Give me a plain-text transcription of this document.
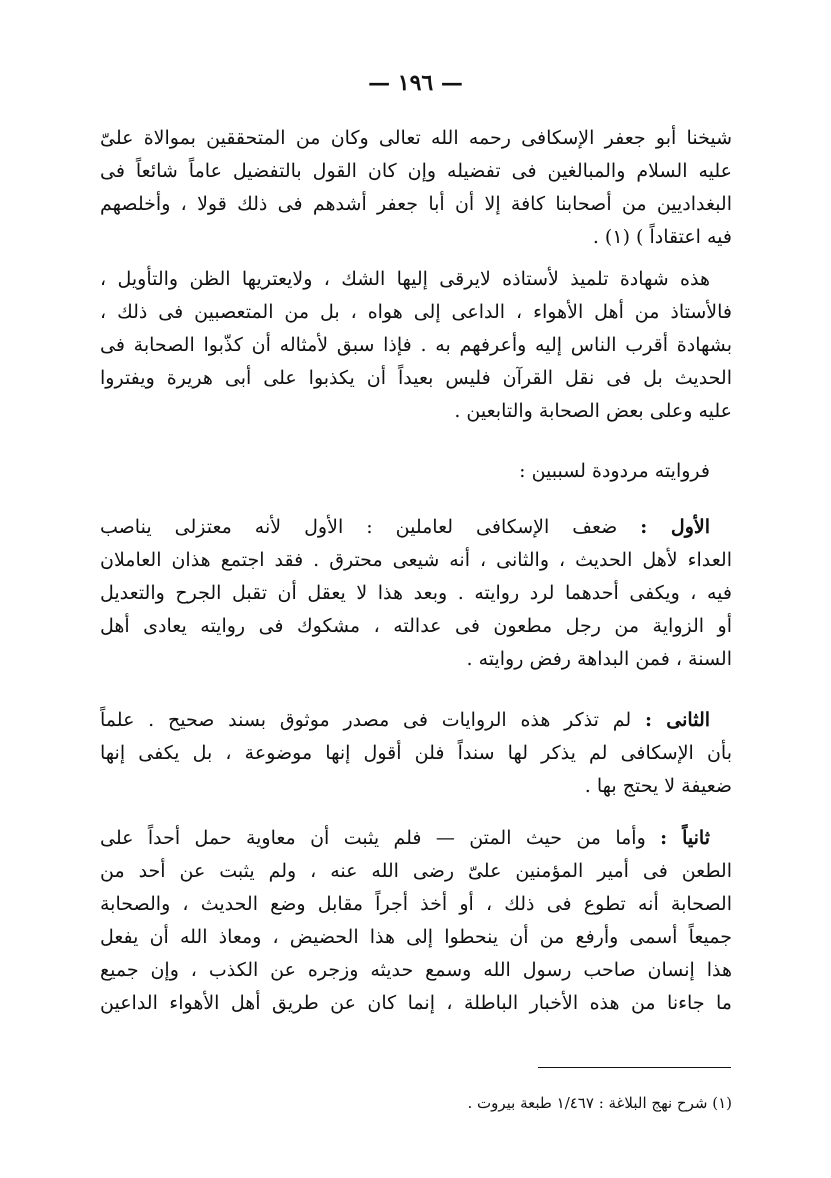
— ١٩٦ —
شيخنا أبو جعفر الإسكافى رحمه الله تعالى وكان من المتحققين بموالاة علىّ
عليه السلام والمبالغين فى تفضيله وإن كان القول بالتفضيل عاماً شائعاً فى
البغداديين من أصحابنا كافة إلا أن أبا جعفر أشدهم فى ذلك قولا ، وأخلصهم
فيه اعتقاداً ) (١) .
هذه شهادة تلميذ لأستاذه لايرقى إليها الشك ، ولايعتريها الظن والتأويل ،
فالأستاذ من أهل الأهواء ، الداعى إلى هواه ، بل من المتعصبين فى ذلك ،
بشهادة أقرب الناس إليه وأعرفهم به . فإذا سبق لأمثاله أن كذّبوا الصحابة فى
الحديث بل فى نقل القرآن فليس بعيداً أن يكذبوا على أبى هريرة ويفتروا
عليه وعلى بعض الصحابة والتابعين .
فروايته مردودة لسببين :
الأول : ضعف الإسكافى لعاملين : الأول لأنه معتزلى يناصب
العداء لأهل الحديث ، والثانى ، أنه شيعى محترق . فقد اجتمع هذان العاملان
فيه ، ويكفى أحدهما لرد روايته . وبعد هذا لا يعقل أن تقبل الجرح والتعديل
أو الزواية من رجل مطعون فى عدالته ، مشكوك فى روايته يعادى أهل
السنة ، فمن البداهة رفض روايته .
الثانى : لم تذكر هذه الروايات فى مصدر موثوق بسند صحيح . علماً
بأن الإسكافى لم يذكر لها سنداً فلن أقول إنها موضوعة ، بل يكفى إنها
ضعيفة لا يحتج بها .
ثانياً : وأما من حيث المتن — فلم يثبت أن معاوية حمل أحداً على
الطعن فى أمير المؤمنين علىّ رضى الله عنه ، ولم يثبت عن أحد من
الصحابة أنه تطوع فى ذلك ، أو أخذ أجراً مقابل وضع الحديث ، والصحابة
جميعاً أسمى وأرفع من أن ينحطوا إلى هذا الحضيض ، ومعاذ الله أن يفعل
هذا إنسان صاحب رسول الله وسمع حديثه وزجره عن الكذب ، وإن جميع
ما جاءنا من هذه الأخبار الباطلة ، إنما كان عن طريق أهل الأهواء الداعين
(١) شرح نهج البلاغة : ١/٤٦٧ طبعة بيروت .
